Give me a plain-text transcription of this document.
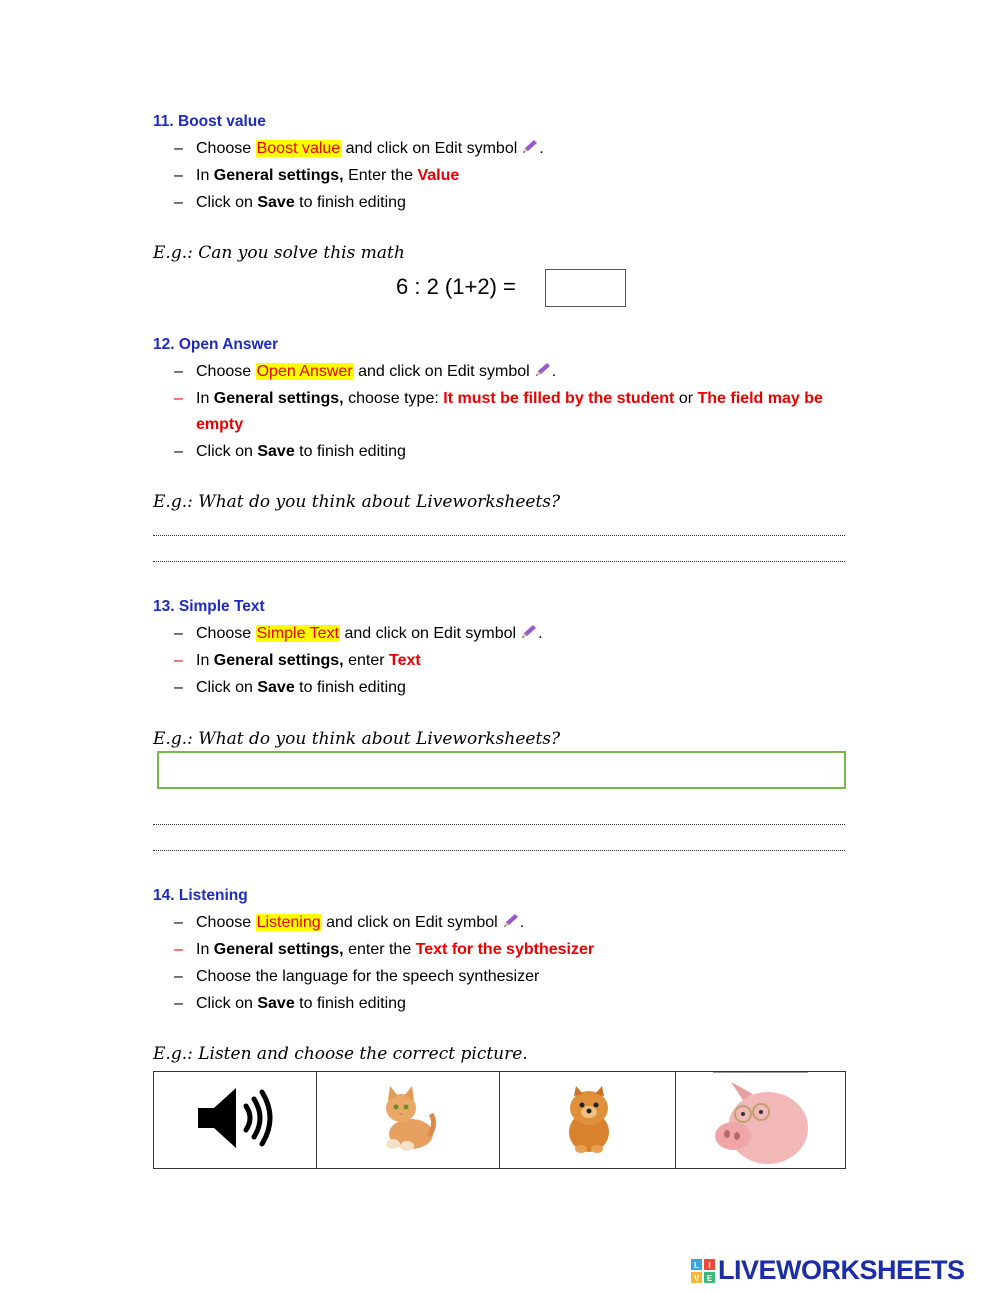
11. Boost value
– Choose Boost value and click on Edit symbol .
– In General settings, Enter the Value
– Click on Save to finish editing
E.g.: Can you solve this math
6 : 2 (1+2) =
12. Open Answer
– Choose Open Answer and click on Edit symbol .
– In General settings, choose type: It must be filled by the student or The field may be
empty
– Click on Save to finish editing
E.g.: What do you think about Liveworksheets?
13. Simple Text
– Choose Simple Text and click on Edit symbol .
– In General settings, enter Text
– Click on Save to finish editing
E.g.: What do you think about Liveworksheets?
14. Listening
– Choose Listening and click on Edit symbol .
– In General settings, enter the Text for the sybthesizer
– Choose the language for the speech synthesizer
– Click on Save to finish editing
E.g.: Listen and choose the correct picture.
L I
V E LIVEWORKSHEETS
